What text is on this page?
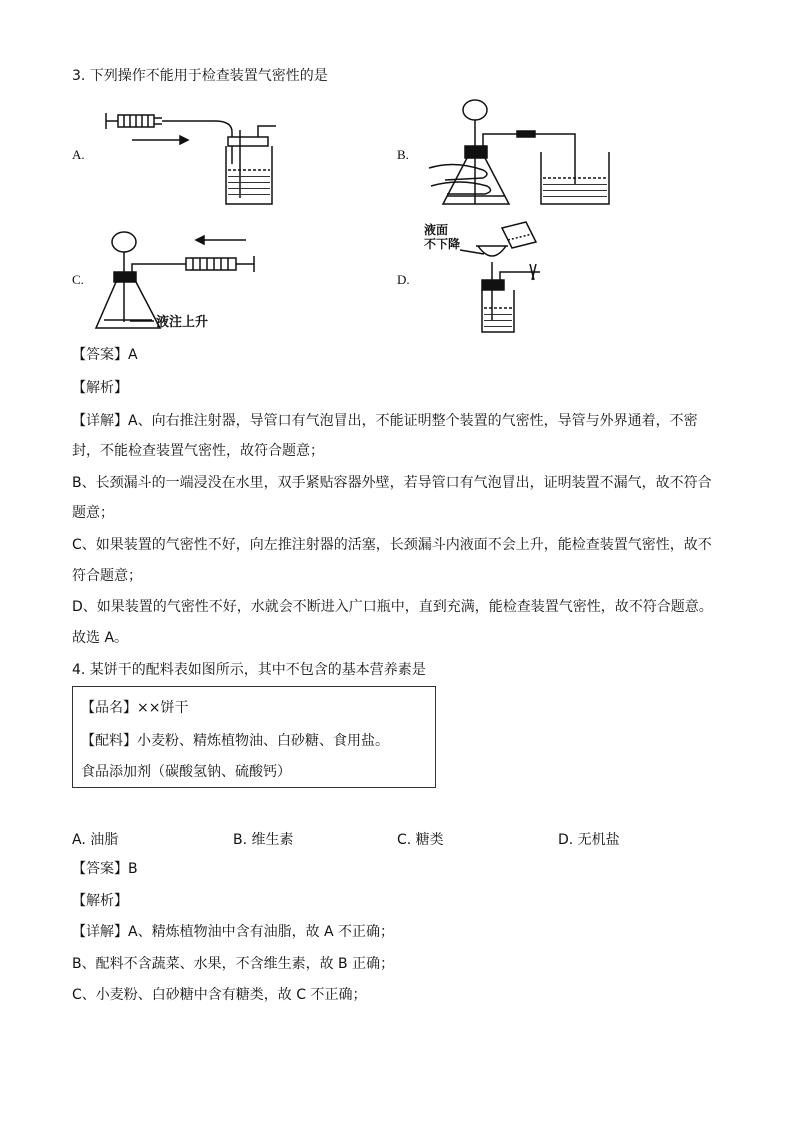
3. 下列操作不能用于检查装置气密性的是
A.	B.
C.	D.
液注上升
液面
不下降
【答案】A
【解析】
【详解】A、向右推注射器，导管口有气泡冒出，不能证明整个装置的气密性，导管与外界通着，不密
封，不能检查装置气密性，故符合题意；
B、长颈漏斗的一端浸没在水里，双手紧贴容器外壁，若导管口有气泡冒出，证明装置不漏气，故不符合
题意；
C、如果装置的气密性不好，向左推注射器的活塞，长颈漏斗内液面不会上升，能检查装置气密性，故不
符合题意；
D、如果装置的气密性不好，水就会不断进入广口瓶中，直到充满，能检查装置气密性，故不符合题意。
故选 A。
4. 某饼干的配料表如图所示，其中不包含的基本营养素是
【品名】××饼干
【配料】小麦粉、精炼植物油、白砂糖、食用盐。
食品添加剂（碳酸氢钠、硫酸钙）
A. 油脂	B. 维生素	C. 糖类	D. 无机盐
【答案】B
【解析】
【详解】A、精炼植物油中含有油脂，故 A 不正确；
B、配料不含蔬菜、水果，不含维生素，故 B 正确；
C、小麦粉、白砂糖中含有糖类，故 C 不正确；
